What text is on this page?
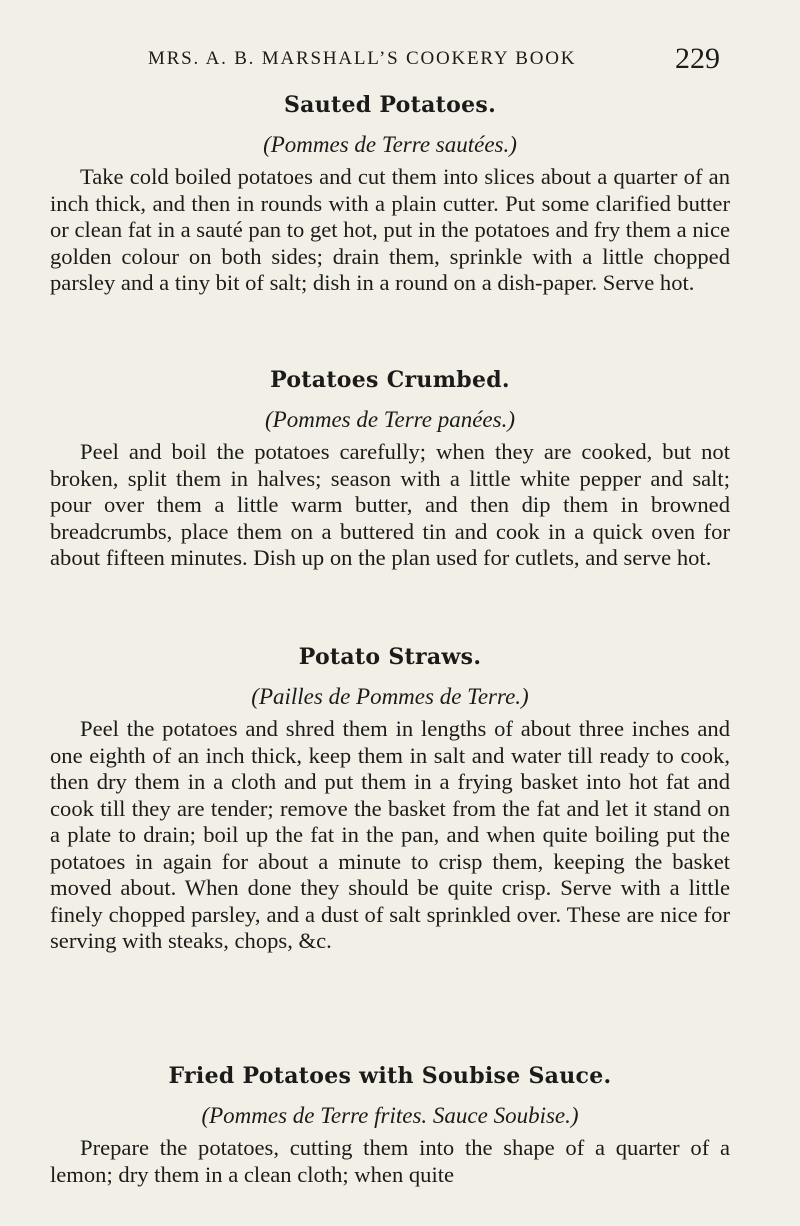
MRS. A. B. MARSHALL’S COOKERY BOOK	229
Sauted Potatoes.

(Pommes de Terre sautées.)

Take cold boiled potatoes and cut them into slices about a quarter of an inch thick, and then in rounds with a plain cutter. Put some clarified butter or clean fat in a sauté pan to get hot, put in the potatoes and fry them a nice golden colour on both sides; drain them, sprinkle with a little chopped parsley and a tiny bit of salt; dish in a round on a dish-paper. Serve hot.

Potatoes Crumbed.

(Pommes de Terre panées.)

Peel and boil the potatoes carefully; when they are cooked, but not broken, split them in halves; season with a little white pepper and salt; pour over them a little warm butter, and then dip them in browned breadcrumbs, place them on a buttered tin and cook in a quick oven for about fifteen minutes. Dish up on the plan used for cutlets, and serve hot.

Potato Straws.

(Pailles de Pommes de Terre.)

Peel the potatoes and shred them in lengths of about three inches and one eighth of an inch thick, keep them in salt and water till ready to cook, then dry them in a cloth and put them in a frying basket into hot fat and cook till they are tender; remove the basket from the fat and let it stand on a plate to drain; boil up the fat in the pan, and when quite boiling put the potatoes in again for about a minute to crisp them, keeping the basket moved about. When done they should be quite crisp. Serve with a little finely chopped parsley, and a dust of salt sprinkled over. These are nice for serving with steaks, chops, &c.

Fried Potatoes with Soubise Sauce.

(Pommes de Terre frites. Sauce Soubise.)

Prepare the potatoes, cutting them into the shape of a quarter of a lemon; dry them in a clean cloth; when quite
